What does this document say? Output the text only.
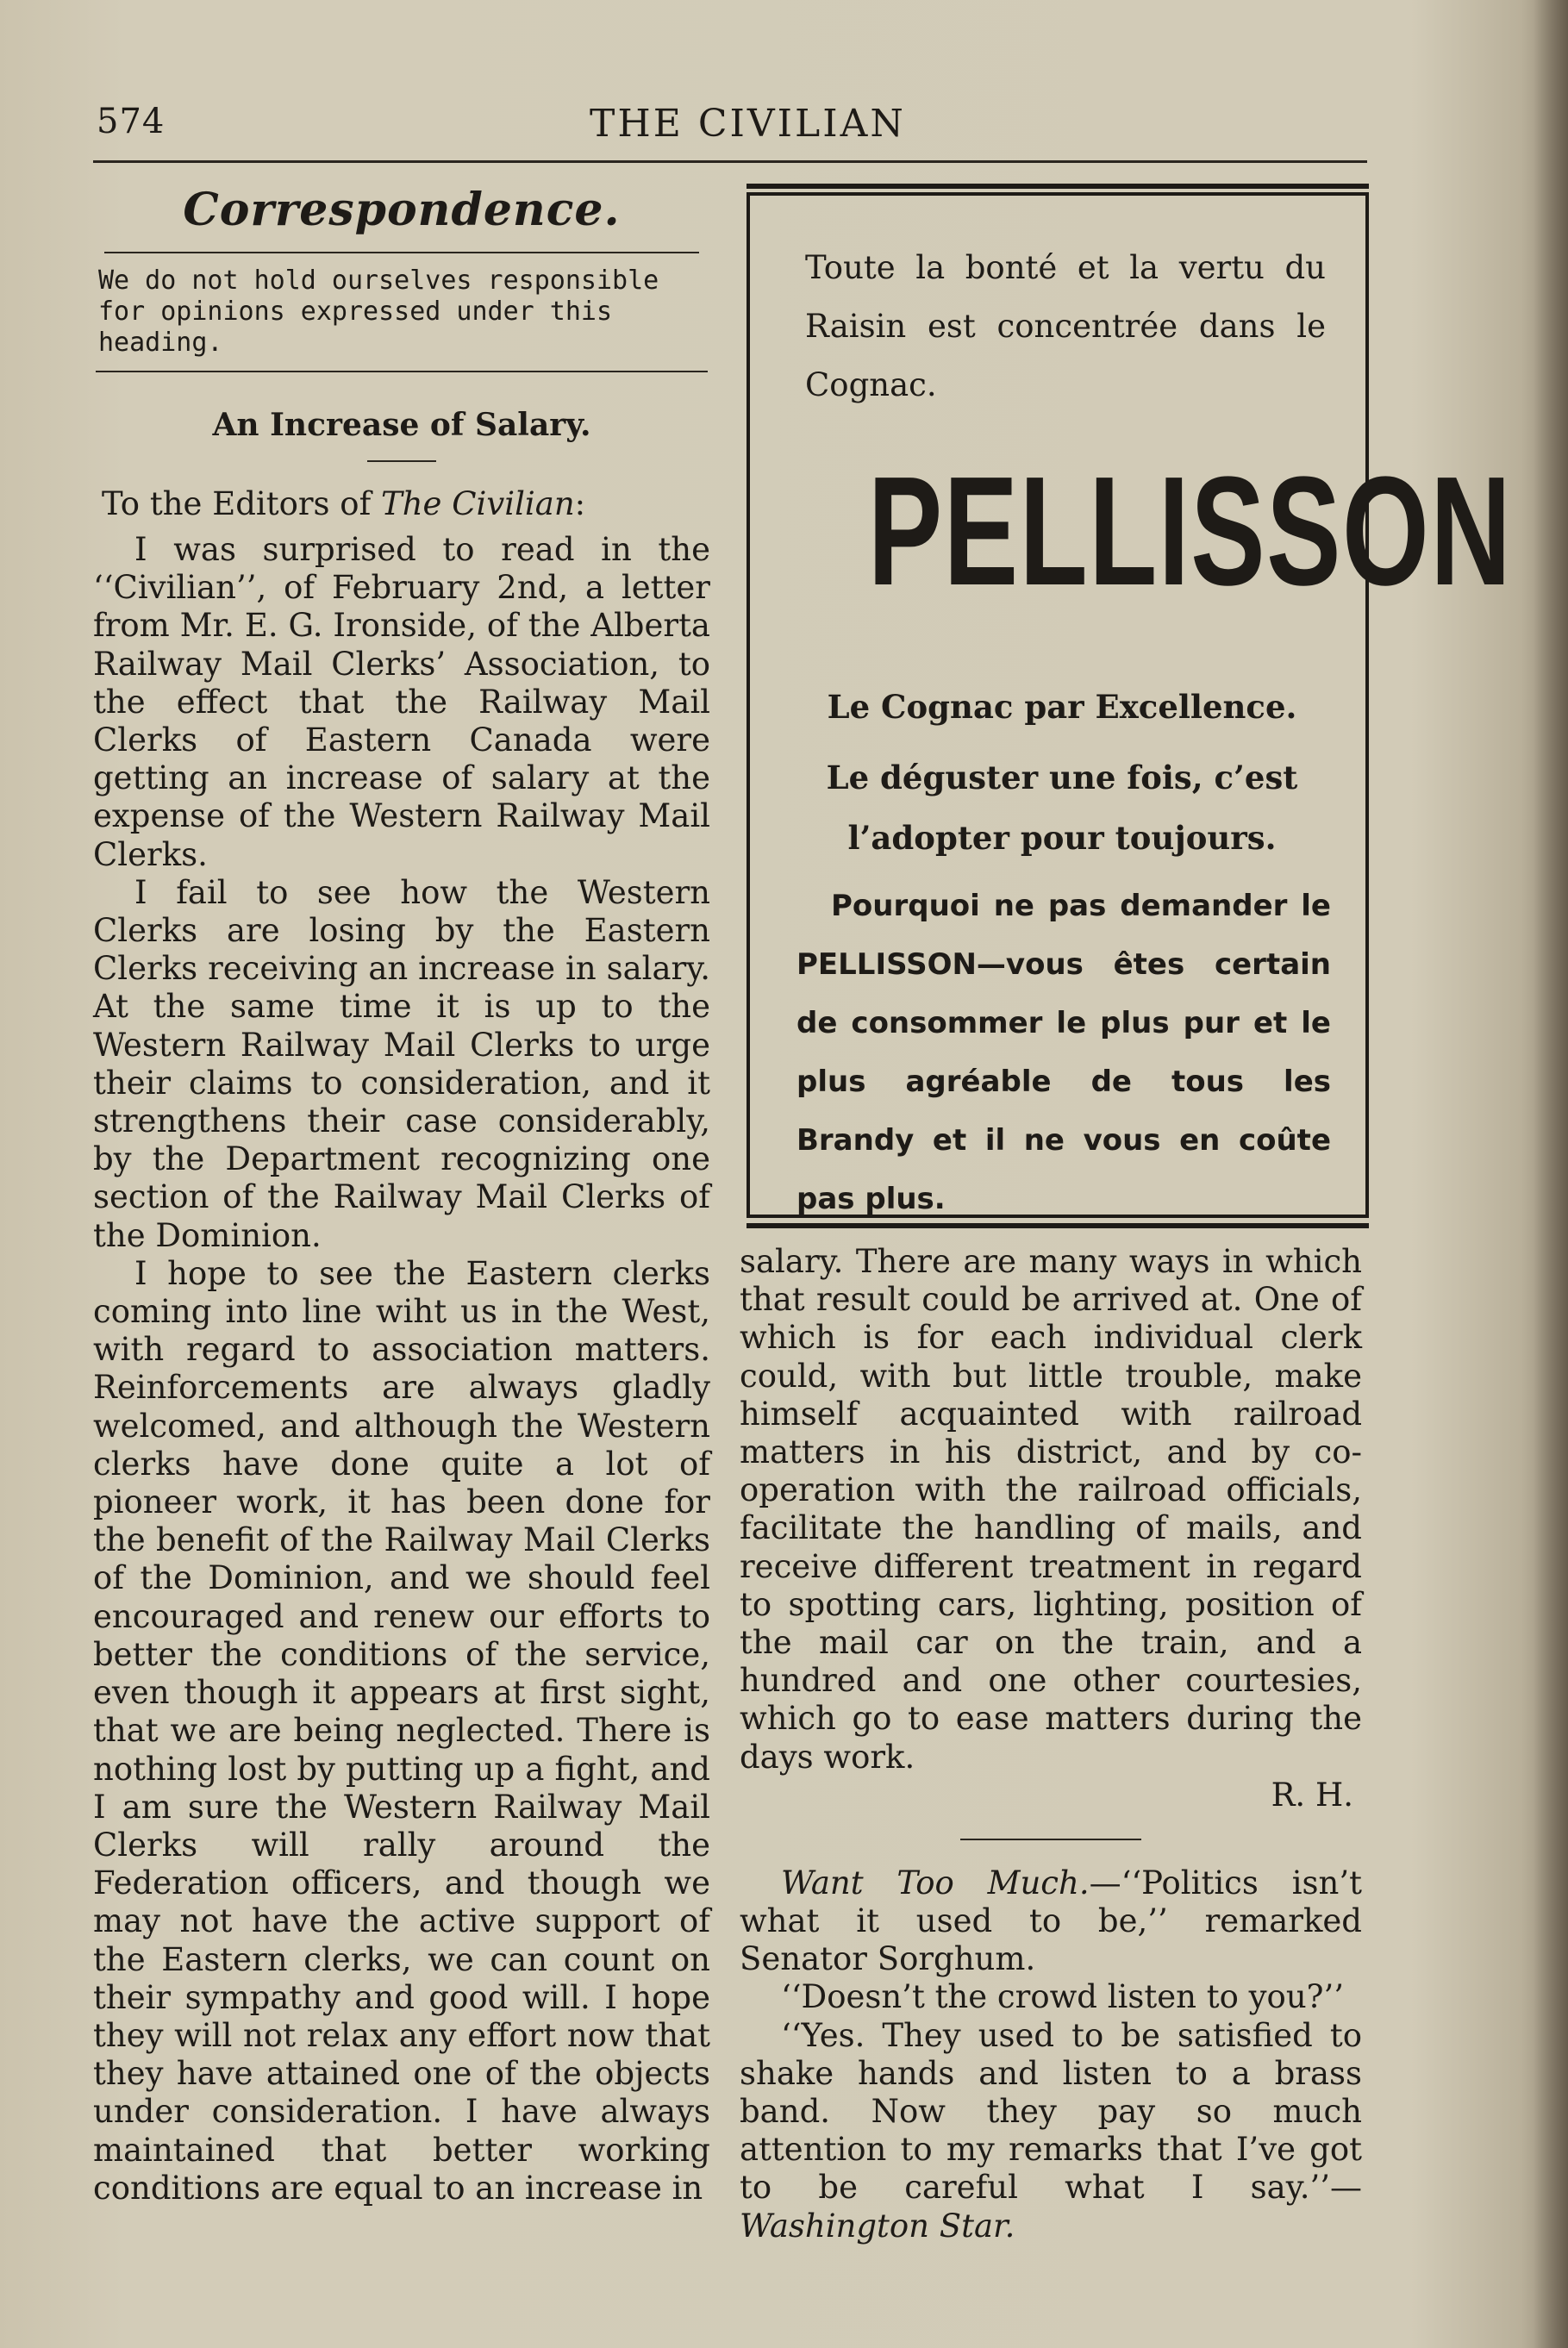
574	THE CIVILIAN
Correspondence.
We do not hold ourselves responsible for opinions expressed under this heading.
An Increase of Salary.
To the Editors of The Civilian:

I was surprised to read in the ‘‘Civilian’’, of February 2nd, a letter from Mr. E. G. Ironside, of the Alberta Railway Mail Clerks’ Association, to the effect that the Railway Mail Clerks of Eastern Canada were getting an increase of salary at the expense of the Western Railway Mail Clerks.

I fail to see how the Western Clerks are losing by the Eastern Clerks receiving an increase in salary. At the same time it is up to the Western Railway Mail Clerks to urge their claims to consideration, and it strengthens their case considerably, by the Department recognizing one section of the Railway Mail Clerks of the Dominion.

I hope to see the Eastern clerks coming into line wiht us in the West, with regard to association matters. Reinforcements are always gladly welcomed, and although the Western clerks have done quite a lot of pioneer work, it has been done for the benefit of the Railway Mail Clerks of the Dominion, and we should feel encouraged and renew our efforts to better the conditions of the service, even though it appears at first sight, that we are being neglected. There is nothing lost by putting up a fight, and I am sure the Western Railway Mail Clerks will rally around the Federation officers, and though we may not have the active support of the Eastern clerks, we can count on their sympathy and good will. I hope they will not relax any effort now that they have attained one of the objects under consideration. I have always maintained that better working conditions are equal to an increase in

Toute la bonté et la vertu du Raisin est concentrée dans le Cognac.
PELLISSON
Le Cognac par Excellence.
Le déguster une fois, c’est l’adopter pour toujours.
Pourquoi ne pas demander le PELLISSON—vous êtes certain de consommer le plus pur et le plus agréable de tous les Brandy et il ne vous en coûte pas plus.

salary. There are many ways in which that result could be arrived at. One of which is for each individual clerk could, with but little trouble, make himself acquainted with railroad matters in his district, and by co-operation with the railroad officials, facilitate the handling of mails, and receive different treatment in regard to spotting cars, lighting, position of the mail car on the train, and a hundred and one other courtesies, which go to ease matters during the days work.

R. H.

Want Too Much.—‘‘Politics isn’t what it used to be,’’ remarked Senator Sorghum.

‘‘Doesn’t the crowd listen to you?’’

‘‘Yes. They used to be satisfied to shake hands and listen to a brass band. Now they pay so much attention to my remarks that I’ve got to be careful what I say.’’—Washington Star.
